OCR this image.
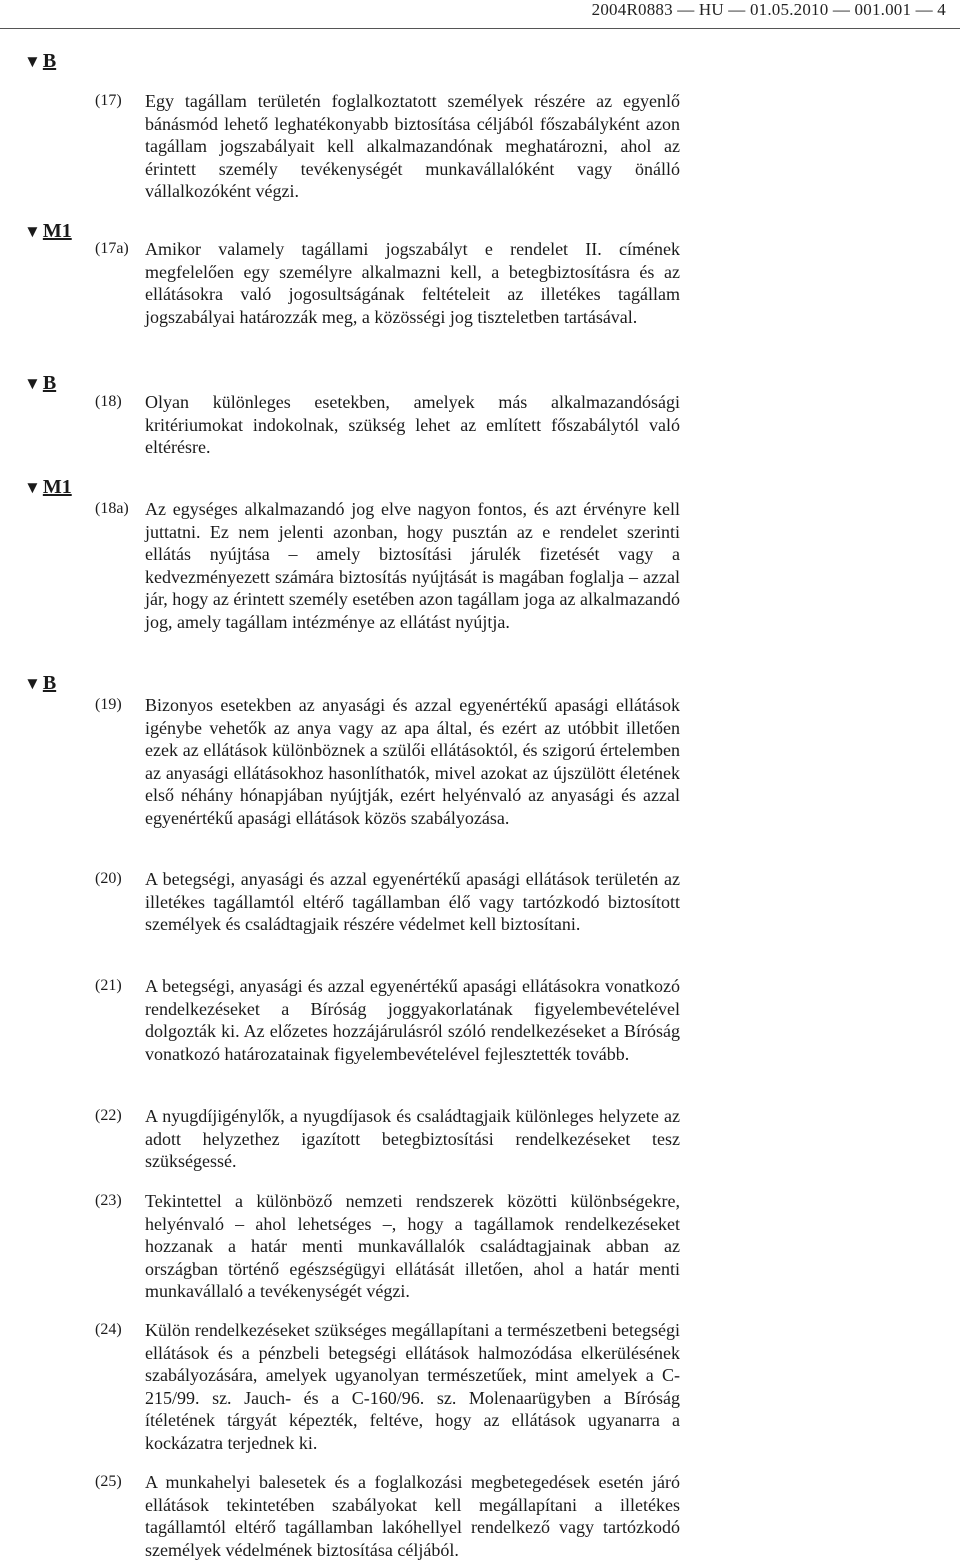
2004R0883 — HU — 01.05.2010 — 001.001 — 4
▼ B
▼ M1
▼ B
▼ M1
▼ B
(17) Egy tagállam területén foglalkoztatott személyek részére az egyenlő bánásmód lehető leghatékonyabb biztosítása céljából főszabályként azon tagállam jogszabályait kell alkalmazandónak meghatározni, ahol az érintett személy tevékenységét munkavállalóként vagy önálló vállalkozóként végzi.
(17a) Amikor valamely tagállami jogszabályt e rendelet II. címének megfelelően egy személyre alkalmazni kell, a betegbiztosításra és az ellátásokra való jogosultságának feltételeit az illetékes tagállam jogszabályai határozzák meg, a közösségi jog tiszteletben tartásával.
(18) Olyan különleges esetekben, amelyek más alkalmazandósági kritériumokat indokolnak, szükség lehet az említett főszabálytól való eltérésre.
(18a) Az egységes alkalmazandó jog elve nagyon fontos, és azt érvényre kell juttatni. Ez nem jelenti azonban, hogy pusztán az e rendelet szerinti ellátás nyújtása – amely biztosítási járulék fizetését vagy a kedvezményezett számára biztosítás nyújtását is magában foglalja – azzal jár, hogy az érintett személy esetében azon tagállam joga az alkalmazandó jog, amely tagállam intézménye az ellátást nyújtja.
(19) Bizonyos esetekben az anyasági és azzal egyenértékű apasági ellátások igénybe vehetők az anya vagy az apa által, és ezért az utóbbit illetően ezek az ellátások különböznek a szülői ellátásoktól, és szigorú értelemben az anyasági ellátásokhoz hasonlíthatók, mivel azokat az újszülött életének első néhány hónapjában nyújtják, ezért helyénvaló az anyasági és azzal egyenértékű apasági ellátások közös szabályozása.
(20) A betegségi, anyasági és azzal egyenértékű apasági ellátások területén az illetékes tagállamtól eltérő tagállamban élő vagy tartózkodó biztosított személyek és családtagjaik részére védelmet kell biztosítani.
(21) A betegségi, anyasági és azzal egyenértékű apasági ellátásokra vonatkozó rendelkezéseket a Bíróság joggyakorlatának figyelembevételével dolgozták ki. Az előzetes hozzájárulásról szóló rendelkezéseket a Bíróság vonatkozó határozatainak figyelembevételével fejlesztették tovább.
(22) A nyugdíjigénylők, a nyugdíjasok és családtagjaik különleges helyzete az adott helyzethez igazított betegbiztosítási rendelkezéseket tesz szükségessé.
(23) Tekintettel a különböző nemzeti rendszerek közötti különbségekre, helyénvaló – ahol lehetséges –, hogy a tagállamok rendelkezéseket hozzanak a határ menti munkavállalók családtagjainak abban az országban történő egészségügyi ellátását illetően, ahol a határ menti munkavállaló a tevékenységét végzi.
(24) Külön rendelkezéseket szükséges megállapítani a természetbeni betegségi ellátások és a pénzbeli betegségi ellátások halmozódása elkerülésének szabályozására, amelyek ugyanolyan természetűek, mint amelyek a C-215/99. sz. Jauch- és a C-160/96. sz. Molenaarügyben a Bíróság ítéletének tárgyát képezték, feltéve, hogy az ellátások ugyanarra a kockázatra terjednek ki.
(25) A munkahelyi balesetek és a foglalkozási megbetegedések esetén járó ellátások tekintetében szabályokat kell megállapítani a illetékes tagállamtól eltérő tagállamban lakóhellyel rendelkező vagy tartózkodó személyek védelmének biztosítása céljából.
